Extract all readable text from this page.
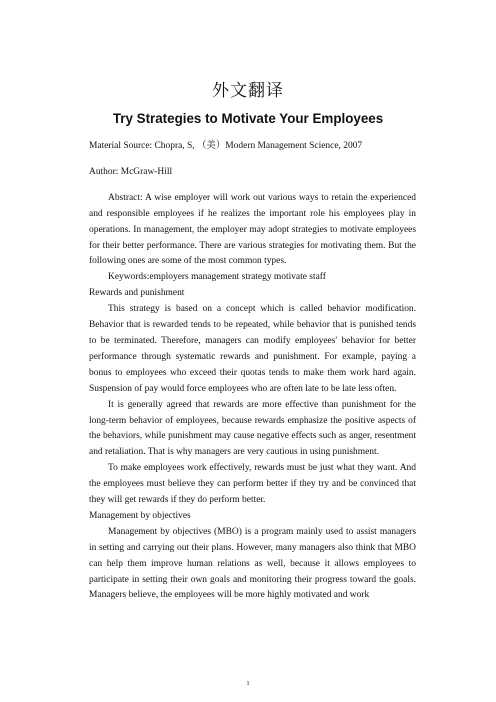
外文翻译
Try Strategies to Motivate Your Employees

Material Source: Chopra, S, （美）Modern Management Science, 2007

Author: McGraw-Hill

Abstract: A wise employer will work out various ways to retain the experienced and responsible employees if he realizes the important role his employees play in operations. In management, the employer may adopt strategies to motivate employees for their better performance. There are various strategies for motivating them. But the following ones are some of the most common types.

Keywords:employers management strategy motivate staff

Rewards and punishment

This strategy is based on a concept which is called behavior modification. Behavior that is rewarded tends to be repeated, while behavior that is punished tends to be terminated. Therefore, managers can modify employees' behavior for better performance through systematic rewards and punishment. For example, paying a bonus to employees who exceed their quotas tends to make them work hard again. Suspension of pay would force employees who are often late to be late less often.

It is generally agreed that rewards are more effective than punishment for the long-term behavior of employees, because rewards emphasize the positive aspects of the behaviors, while punishment may cause negative effects such as anger, resentment and retaliation. That is why managers are very cautious in using punishment.

To make employees work effectively, rewards must be just what they want. And the employees must believe they can perform better if they try and be convinced that they will get rewards if they do perform better.

Management by objectives

Management by objectives (MBO) is a program mainly used to assist managers in setting and carrying out their plans. However, many managers also think that MBO can help them improve human relations as well, because it allows employees to participate in setting their own goals and monitoring their progress toward the goals. Managers believe, the employees will be more highly motivated and work

1
